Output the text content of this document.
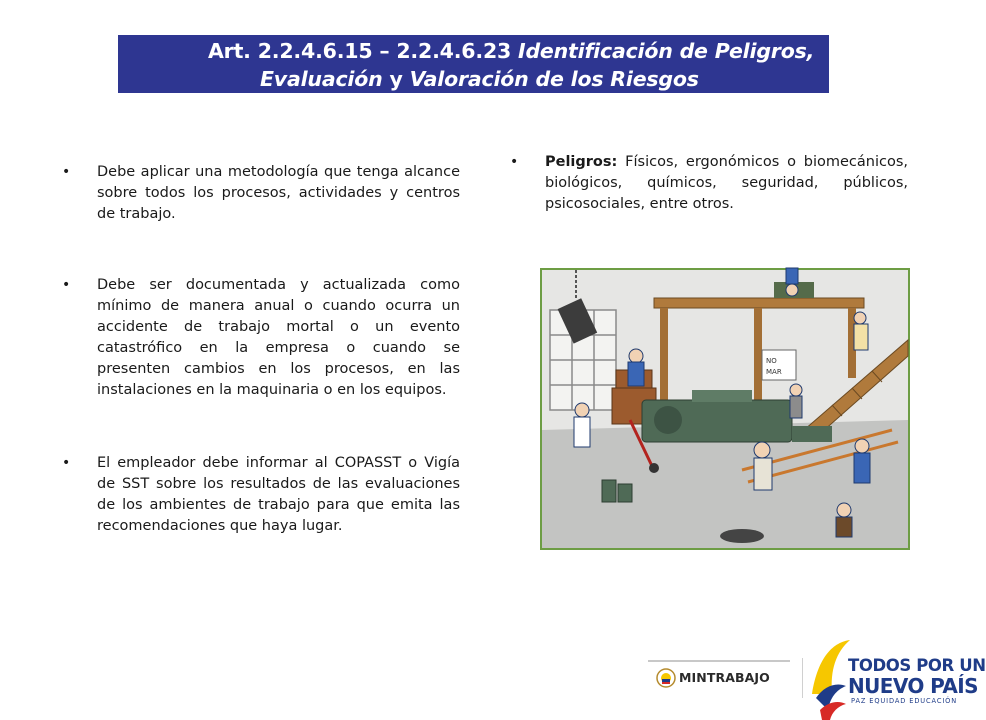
Art. 2.2.4.6.15 – 2.2.4.6.23 Identificación de Peligros,
Evaluación y Valoración de los Riesgos
• Debe aplicar una metodología que tenga alcance sobre todos los procesos, actividades y centros de trabajo.
• Debe ser documentada y actualizada como mínimo de manera anual o cuando ocurra un accidente de trabajo mortal o un evento catastrófico en la empresa o cuando se presenten cambios en los procesos, en las instalaciones en la maquinaria o en los equipos.
• El empleador debe informar al COPASST o Vigía de SST sobre los resultados de las evaluaciones de los ambientes de trabajo para que emita las recomendaciones que haya lugar.
• Peligros: Físicos, ergonómicos o biomecánicos, biológicos, químicos, seguridad, públicos, psicosociales, entre otros.
NO
MAR
MINTRABAJO
TODOS POR UN
NUEVO PAÍS
PAZ EQUIDAD EDUCACIÓN
